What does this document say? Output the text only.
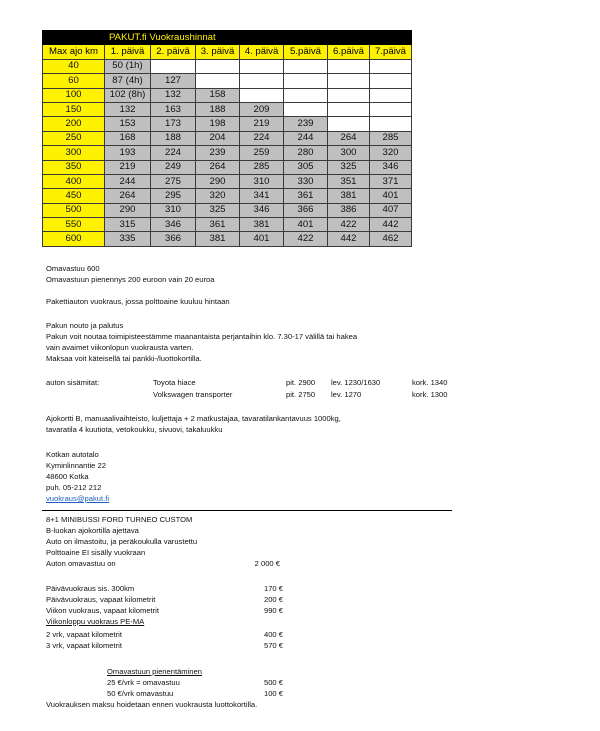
	PAKUT.fi Vuokraushinnat						
Max ajo km	1. päivä	2. päivä	3. päivä	4. päivä	5.päivä	6.päivä	7.päivä
40	50 (1h)						
60	87 (4h)	127					
100	102 (8h)	132	158				
150	132	163	188	209			
200	153	173	198	219	239		
250	168	188	204	224	244	264	285
300	193	224	239	259	280	300	320
350	219	249	264	285	305	325	346
400	244	275	290	310	330	351	371
450	264	295	320	341	361	381	401
500	290	310	325	346	366	386	407
550	315	346	361	381	401	422	442
600	335	366	381	401	422	442	462
Omavastuu 600
Omavastuun pienennys 200 euroon vain 20 euroa
Pakettiauton vuokraus, jossa polttoaine kuuluu hintaan
Pakun nouto ja palutus
Pakun voit noutaa toimipisteestämme maanantaista perjantaihin klo. 7.30-17 välillä tai hakea
vain avaimet viikonlopun vuokrausta varten.
Maksaa voit käteisellä tai pankki-/luottokortilla.
auton sisämitat:	Toyota hiace	pit. 2900 lev. 1230/1630	kork. 1340
Volkswagen transporter	pit. 2750 lev. 1270	kork. 1300
Ajokortti B, manuaalivaihteisto, kuljettaja + 2 matkustajaa, tavaratilankantavuus 1000kg,
tavaratila 4 kuutiota, vetokoukku, sivuovi, takaluukku
Kotkan autotalo
Kyminlinnantie 22
48600 Kotka
puh. 05-212 212
vuokraus@pakut.fi
8+1 MINIBUSSI FORD TURNEO CUSTOM
B-luokan ajokortilla ajettava
Auto on ilmastoitu, ja peräkoukulla varustettu
Polttoaine EI sisälly vuokraan
Auton omavastuu on	2 000 €
Päivävuokraus sis. 300km	170 €
Päivävuokraus, vapaat kilometrit	200 €
Viikon vuokraus, vapaat kilometrit	990 €
Viikonloppu vuokraus PE-MA
2 vrk, vapaat kilometrit	400 €
3 vrk, vapaat kilometrit	570 €
Omavastuun pienentäminen
25 €/vrk = omavastuu	500 €
50 €/vrk omavastuu	100 €
Vuokrauksen maksu hoidetaan ennen vuokrausta luottokortilla.
